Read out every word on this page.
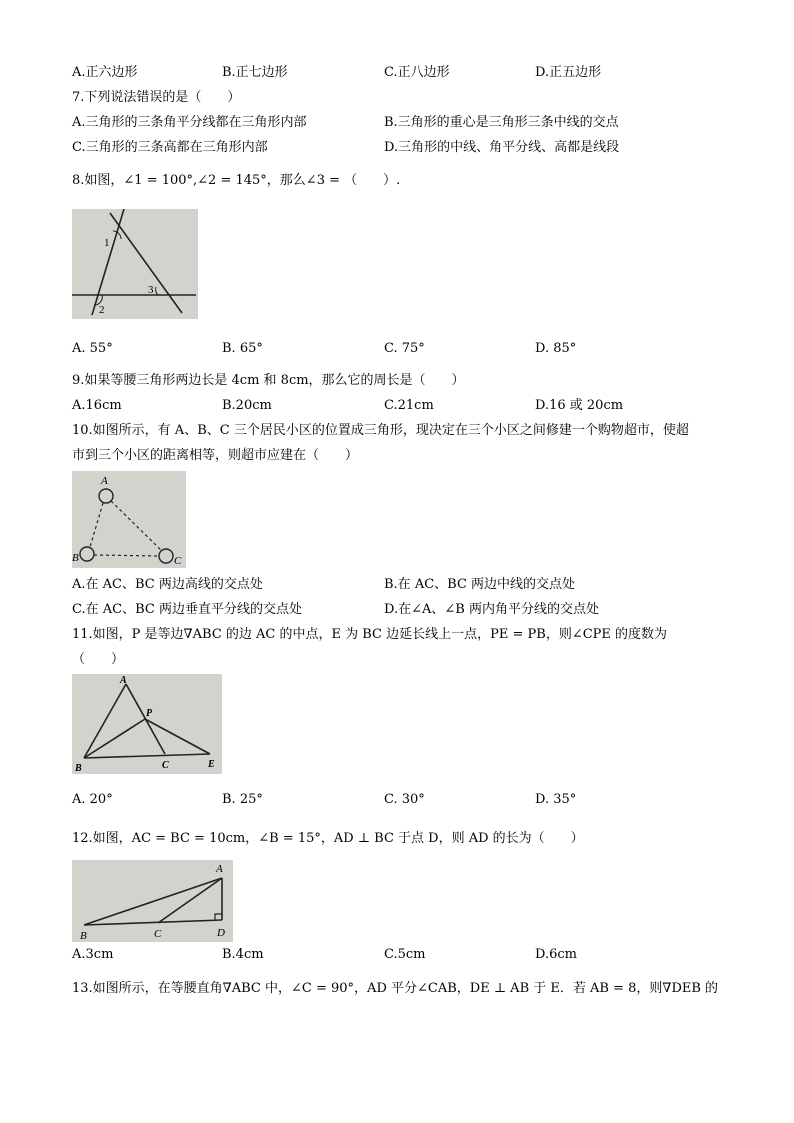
A.正六边形	B.正七边形	C.正八边形	D.正五边形
7.下列说法错误的是（　　）
A.三角形的三条角平分线都在三角形内部	B.三角形的重心是三角形三条中线的交点
C.三角形的三条高都在三角形内部	D.三角形的中线、角平分线、高都是线段
8.如图，∠1 = 100°,∠2 = 145°，那么∠3 = （　　）.
1
2
3
A. 55°	B. 65°	C. 75°	D. 85°
9.如果等腰三角形两边长是 4cm 和 8cm，那么它的周长是（　　）
A.16cm	B.20cm	C.21cm	D.16 或 20cm
10.如图所示，有 A、B、C 三个居民小区的位置成三角形，现决定在三个小区之间修建一个购物超市，使超
市到三个小区的距离相等，则超市应建在（　　）
A
B	C
A.在 AC、BC 两边高线的交点处	B.在 AC、BC 两边中线的交点处
C.在 AC、BC 两边垂直平分线的交点处	D.在∠A、∠B 两内角平分线的交点处
11.如图，P 是等边∇ABC 的边 AC 的中点，E 为 BC 边延长线上一点，PE = PB，则∠CPE 的度数为
（　　）
A
P
B	C	E
A. 20°	B. 25°	C. 30°	D. 35°
12.如图，AC = BC = 10cm，∠B = 15°，AD ⊥ BC 于点 D，则 AD 的长为（　　）
A
B	C	D
A.3cm	B.4cm	C.5cm	D.6cm
13.如图所示，在等腰直角∇ABC 中，∠C = 90°，AD 平分∠CAB，DE ⊥ AB 于 E．若 AB = 8，则∇DEB 的
